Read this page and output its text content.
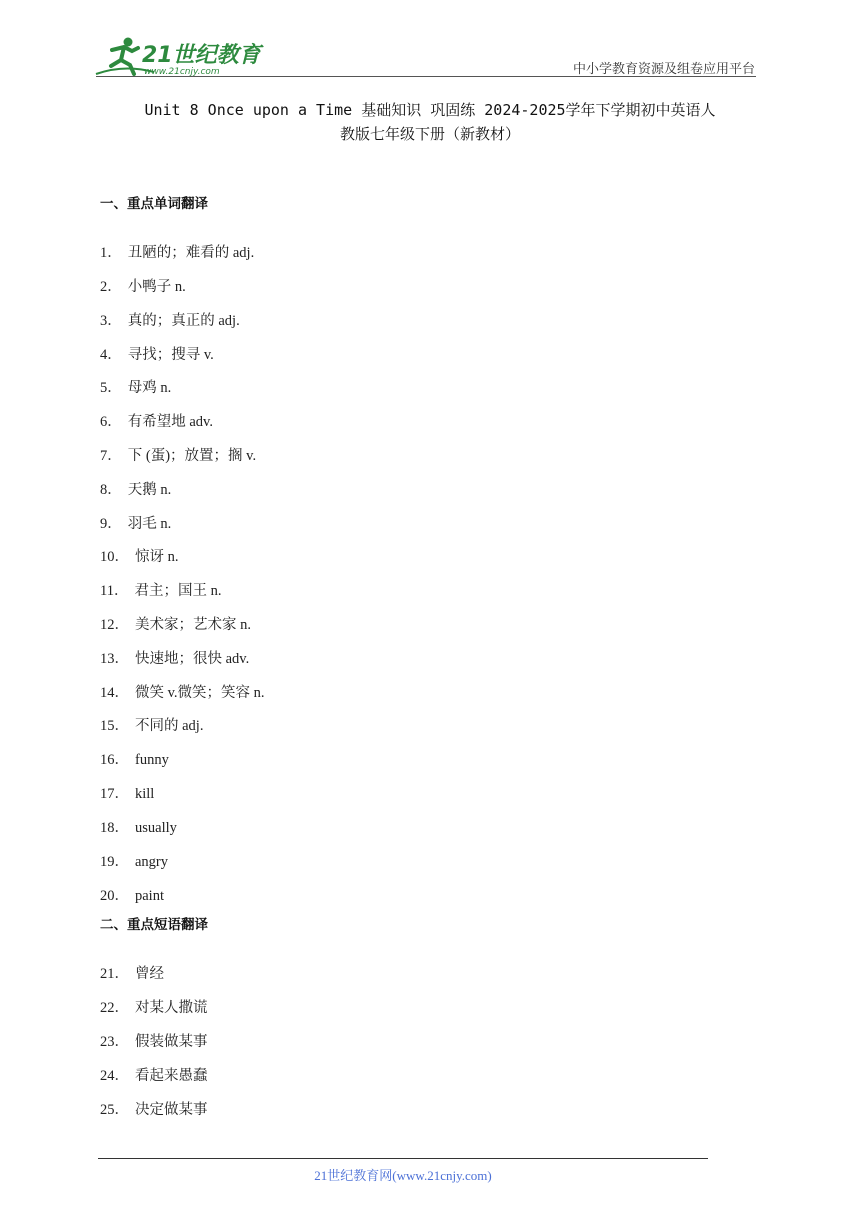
21世纪教育
www.21cnjy.com	中小学教育资源及组卷应用平台
Unit 8 Once upon a Time 基础知识 巩固练 2024-2025学年下学期初中英语人
教版七年级下册（新教材）
一、重点单词翻译
1． 丑陋的；难看的 adj.
2． 小鸭子 n.
3． 真的；真正的 adj.
4． 寻找；搜寻 v.
5． 母鸡 n.
6． 有希望地 adv.
7． 下 (蛋)；放置；搁 v.
8． 天鹅 n.
9． 羽毛 n.
10． 惊讶 n.
11． 君主；国王 n.
12． 美术家；艺术家 n.
13． 快速地；很快 adv.
14． 微笑 v.微笑；笑容 n.
15． 不同的 adj.
16． funny
17． kill
18． usually
19． angry
20． paint
二、重点短语翻译
21． 曾经
22． 对某人撒谎
23． 假装做某事
24． 看起来愚蠢
25． 决定做某事
21世纪教育网(www.21cnjy.com)
